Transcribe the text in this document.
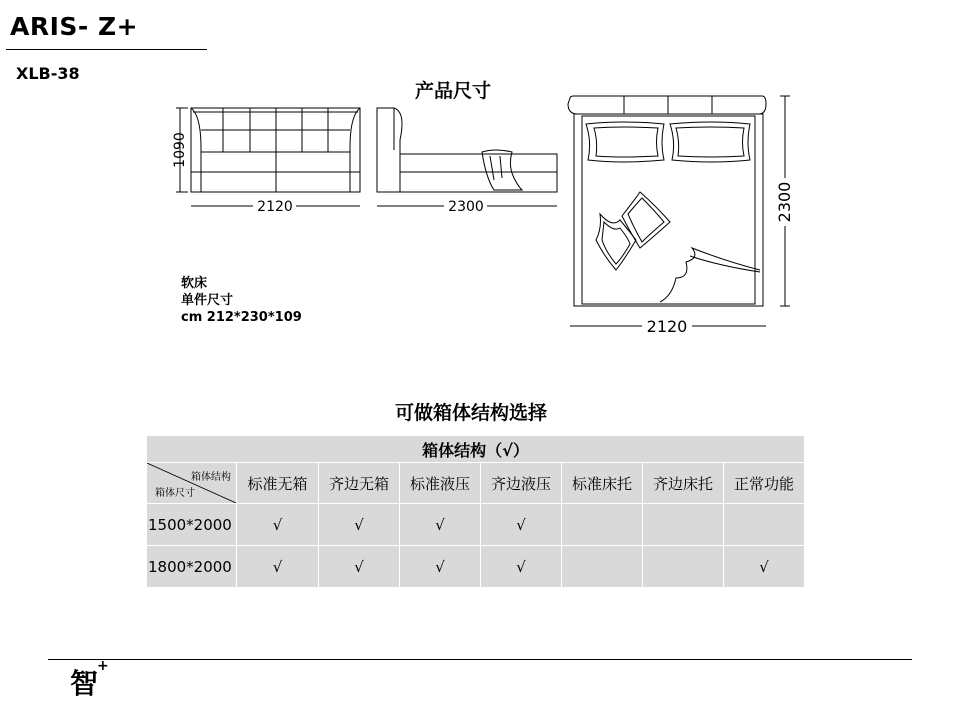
ARIS- Z+
XLB-38
产品尺寸
1090
2120	2300	2300
2120
软床
单件尺寸
cm 212*230*109
可做箱体结构选择
箱体结构（√）							

箱体结构
箱体尺寸	标准无箱	齐边无箱	标准液压	齐边液压	标准床托	齐边床托	正常功能
1500*2000	√	√	√	√			
1800*2000	√	√	√	√			√
智
+
